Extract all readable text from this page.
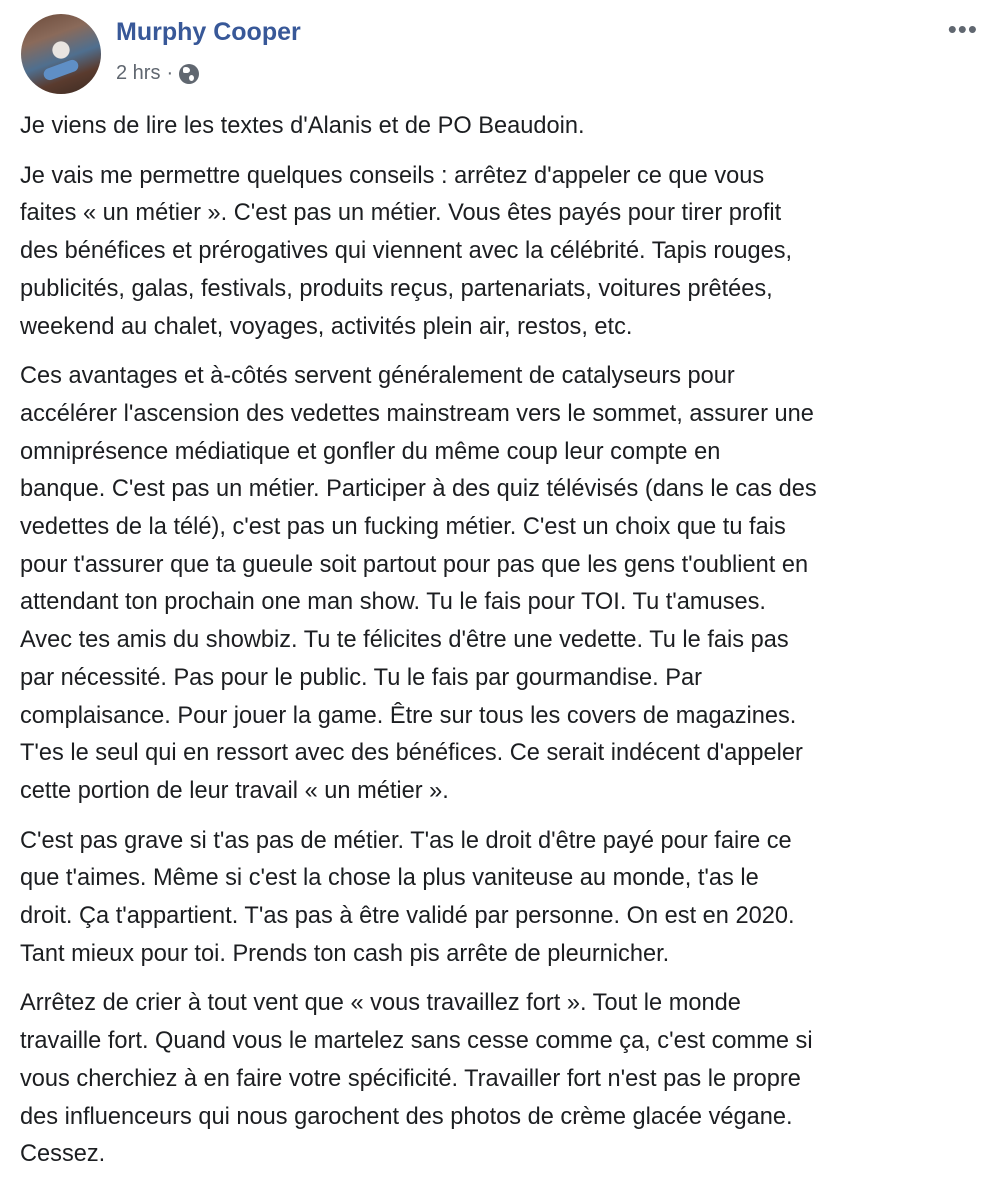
Murphy Cooper
2 hrs ·
•••

Je viens de lire les textes d'Alanis et de PO Beaudoin.

Je vais me permettre quelques conseils : arrêtez d'appeler ce que vous
faites « un métier ». C'est pas un métier. Vous êtes payés pour tirer profit
des bénéfices et prérogatives qui viennent avec la célébrité. Tapis rouges,
publicités, galas, festivals, produits reçus, partenariats, voitures prêtées,
weekend au chalet, voyages, activités plein air, restos, etc.

Ces avantages et à-côtés servent généralement de catalyseurs pour
accélérer l'ascension des vedettes mainstream vers le sommet, assurer une
omniprésence médiatique et gonfler du même coup leur compte en
banque. C'est pas un métier. Participer à des quiz télévisés (dans le cas des
vedettes de la télé), c'est pas un fucking métier. C'est un choix que tu fais
pour t'assurer que ta gueule soit partout pour pas que les gens t'oublient en
attendant ton prochain one man show. Tu le fais pour TOI. Tu t'amuses.
Avec tes amis du showbiz. Tu te félicites d'être une vedette. Tu le fais pas
par nécessité. Pas pour le public. Tu le fais par gourmandise. Par
complaisance. Pour jouer la game. Être sur tous les covers de magazines.
T'es le seul qui en ressort avec des bénéfices. Ce serait indécent d'appeler
cette portion de leur travail « un métier ».

C'est pas grave si t'as pas de métier. T'as le droit d'être payé pour faire ce
que t'aimes. Même si c'est la chose la plus vaniteuse au monde, t'as le
droit. Ça t'appartient. T'as pas à être validé par personne. On est en 2020.
Tant mieux pour toi. Prends ton cash pis arrête de pleurnicher.

Arrêtez de crier à tout vent que « vous travaillez fort ». Tout le monde
travaille fort. Quand vous le martelez sans cesse comme ça, c'est comme si
vous cherchiez à en faire votre spécificité. Travailler fort n'est pas le propre
des influenceurs qui nous garochent des photos de crème glacée végane.
Cessez.
